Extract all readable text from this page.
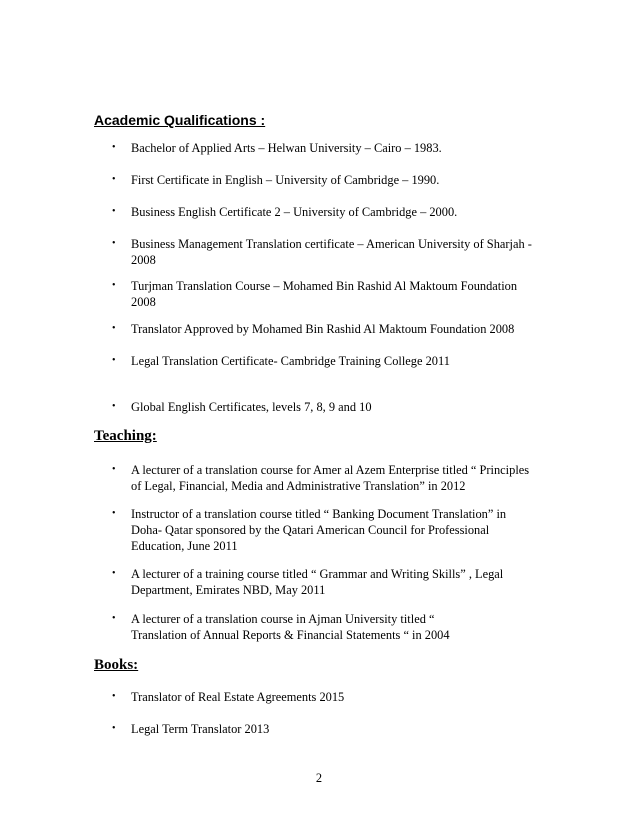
Academic Qualifications :
•	Bachelor of Applied Arts – Helwan University – Cairo – 1983.
•	First Certificate in English – University of Cambridge – 1990.
•	Business English Certificate 2 – University of Cambridge – 2000.
•	Business Management Translation certificate – American University of Sharjah -
2008
•	Turjman Translation Course – Mohamed Bin Rashid Al Maktoum Foundation
2008
•	Translator Approved by Mohamed Bin Rashid Al Maktoum Foundation 2008
•	Legal Translation Certificate- Cambridge Training College 2011
•	Global English Certificates, levels 7, 8, 9 and 10
Teaching:
•	A lecturer of a translation course for Amer al Azem Enterprise titled “ Principles
of Legal, Financial, Media and Administrative Translation” in 2012
•	Instructor of a translation course titled “ Banking Document Translation” in
Doha- Qatar sponsored by the Qatari American Council for Professional
Education, June 2011
•	A lecturer of a training course titled “ Grammar and Writing Skills” , Legal
Department, Emirates NBD, May 2011
•	A lecturer of a translation course in Ajman University titled “
Translation of Annual Reports & Financial Statements “ in 2004
Books:
•	Translator of Real Estate Agreements 2015
•	Legal Term Translator 2013
2
